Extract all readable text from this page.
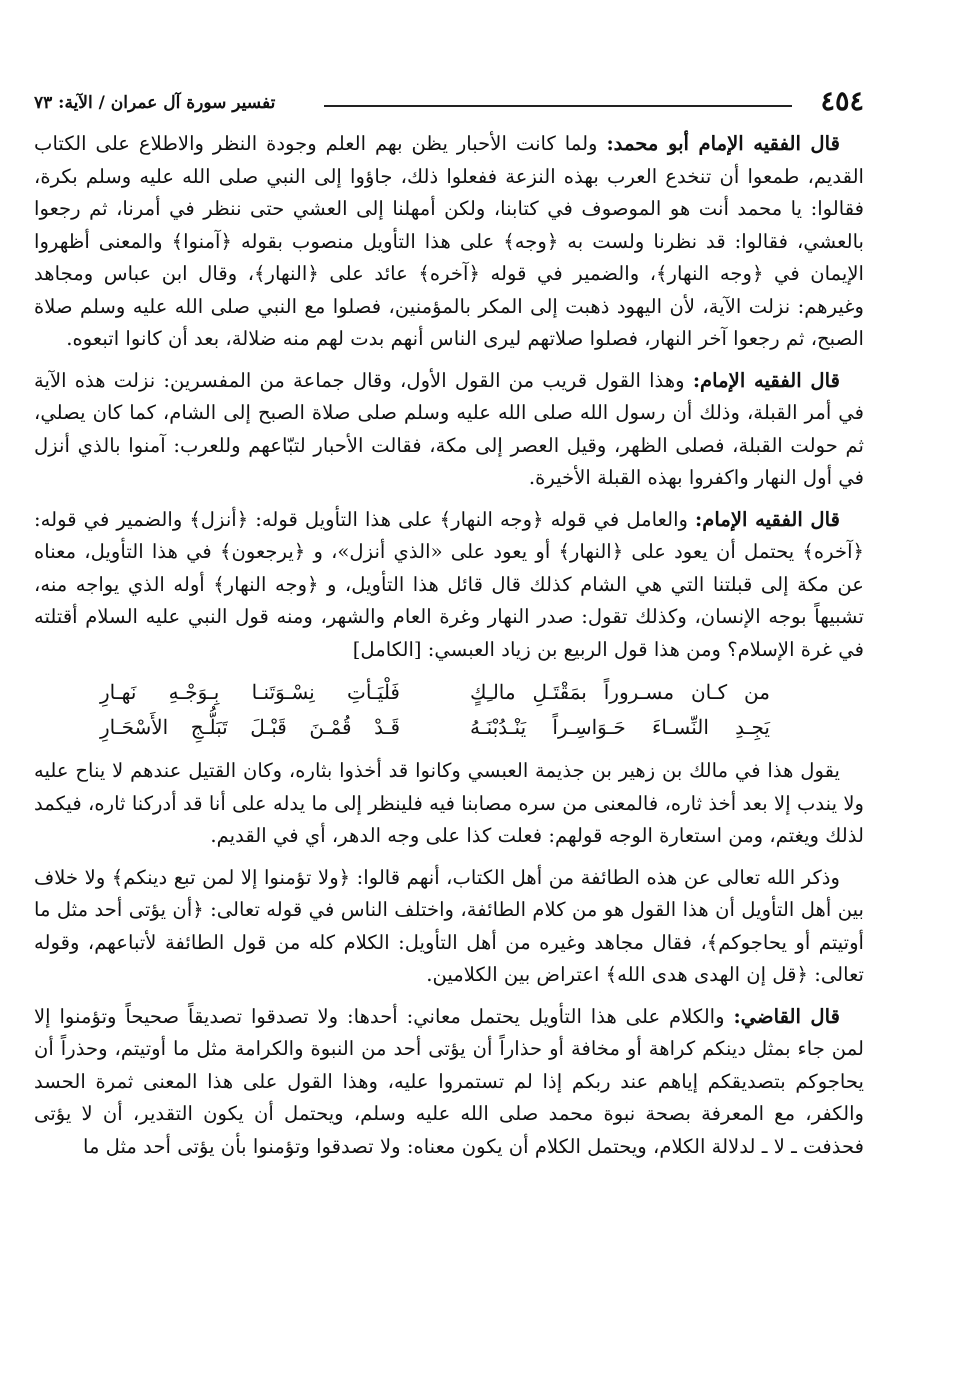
٤٥٤
تفسير سورة آل عمران / الآية: ٧٣

قال الفقيه الإمام أبو محمد: ولما كانت الأحبار يظن بهم العلم وجودة النظر والاطلاع على الكتاب القديم، طمعوا أن تنخدع العرب بهذه النزعة ففعلوا ذلك، جاؤوا إلى النبي صلى الله عليه وسلم بكرة، فقالوا: يا محمد أنت هو الموصوف في كتابنا، ولكن أمهلنا إلى العشي حتى ننظر في أمرنا، ثم رجعوا بالعشي، فقالوا: قد نظرنا ولست به ﴿وجه﴾ على هذا التأويل منصوب بقوله ﴿آمنوا﴾ والمعنى أظهروا الإيمان في ﴿وجه النهار﴾، والضمير في قوله ﴿آخره﴾ عائد على ﴿النهار﴾، وقال ابن عباس ومجاهد وغيرهم: نزلت الآية، لأن اليهود ذهبت إلى المكر بالمؤمنين، فصلوا مع النبي صلى الله عليه وسلم صلاة الصبح، ثم رجعوا آخر النهار، فصلوا صلاتهم ليرى الناس أنهم بدت لهم منه ضلالة، بعد أن كانوا اتبعوه.

قال الفقيه الإمام: وهذا القول قريب من القول الأول، وقال جماعة من المفسرين: نزلت هذه الآية في أمر القبلة، وذلك أن رسول الله صلى الله عليه وسلم صلى صلاة الصبح إلى الشام، كما كان يصلي، ثم حولت القبلة، فصلى الظهر، وقيل العصر إلى مكة، فقالت الأحبار لتبّاعهم وللعرب: آمنوا بالذي أنزل في أول النهار واكفروا بهذه القبلة الأخيرة.

قال الفقيه الإمام: والعامل في قوله ﴿وجه النهار﴾ على هذا التأويل قوله: ﴿أنزل﴾ والضمير في قوله: ﴿آخره﴾ يحتمل أن يعود على ﴿النهار﴾ أو يعود على «الذي أنزل»، و ﴿يرجعون﴾ في هذا التأويل، معناه عن مكة إلى قبلتنا التي هي الشام كذلك قال قائل هذا التأويل، و ﴿وجه النهار﴾ أوله الذي يواجه منه، تشبيهاً بوجه الإنسان، وكذلك تقول: صدر النهار وغرة العام والشهر، ومنه قول النبي عليه السلام أقتلته في غرة الإسلام؟ ومن هذا قول الربيع بن زياد العبسي: [الكامل]

من كـان مسـروراً بمَقْتَـلِ مالـِكٍ
فَلْيَـأتِ نِسْـوَتَنـا بِـوَجْـهِ نَهـارِ
يَجِـدِ النِّسـاءَ حَـوَاسِـراً يَنْـدُبْنَـهُ
قَـدْ قُمْـنَ قَبْـلَ تَبَلُّـجِ الأَسْحَـارِ

يقول هذا في مالك بن زهير بن جذيمة العبسي وكانوا قد أخذوا بثاره، وكان القتيل عندهم لا يناح عليه ولا يندب إلا بعد أخذ ثاره، فالمعنى من سره مصابنا فيه فلينظر إلى ما يدله على أنا قد أدركنا ثاره، فيكمد لذلك ويغتم، ومن استعارة الوجه قولهم: فعلت كذا على وجه الدهر، أي في القديم.

وذكر الله تعالى عن هذه الطائفة من أهل الكتاب، أنهم قالوا: ﴿ولا تؤمنوا إلا لمن تبع دينكم﴾ ولا خلاف بين أهل التأويل أن هذا القول هو من كلام الطائفة، واختلف الناس في قوله تعالى: ﴿أن يؤتى أحد مثل ما أوتيتم أو يحاجوكم﴾، فقال مجاهد وغيره من أهل التأويل: الكلام كله من قول الطائفة لأتباعهم، وقوله تعالى: ﴿قل إن الهدى هدى الله﴾ اعتراض بين الكلامين.

قال القاضي: والكلام على هذا التأويل يحتمل معاني: أحدها: ولا تصدقوا تصديقاً صحيحاً وتؤمنوا إلا لمن جاء بمثل دينكم كراهة أو مخافة أو حذاراً أن يؤتى أحد من النبوة والكرامة مثل ما أوتيتم، وحذراً أن يحاجوكم بتصديقكم إياهم عند ربكم إذا لم تستمروا عليه، وهذا القول على هذا المعنى ثمرة الحسد والكفر، مع المعرفة بصحة نبوة محمد صلى الله عليه وسلم، ويحتمل أن يكون التقدير، أن لا يؤتى فحذفت ـ لا ـ لدلالة الكلام، ويحتمل الكلام أن يكون معناه: ولا تصدقوا وتؤمنوا بأن يؤتى أحد مثل ما
